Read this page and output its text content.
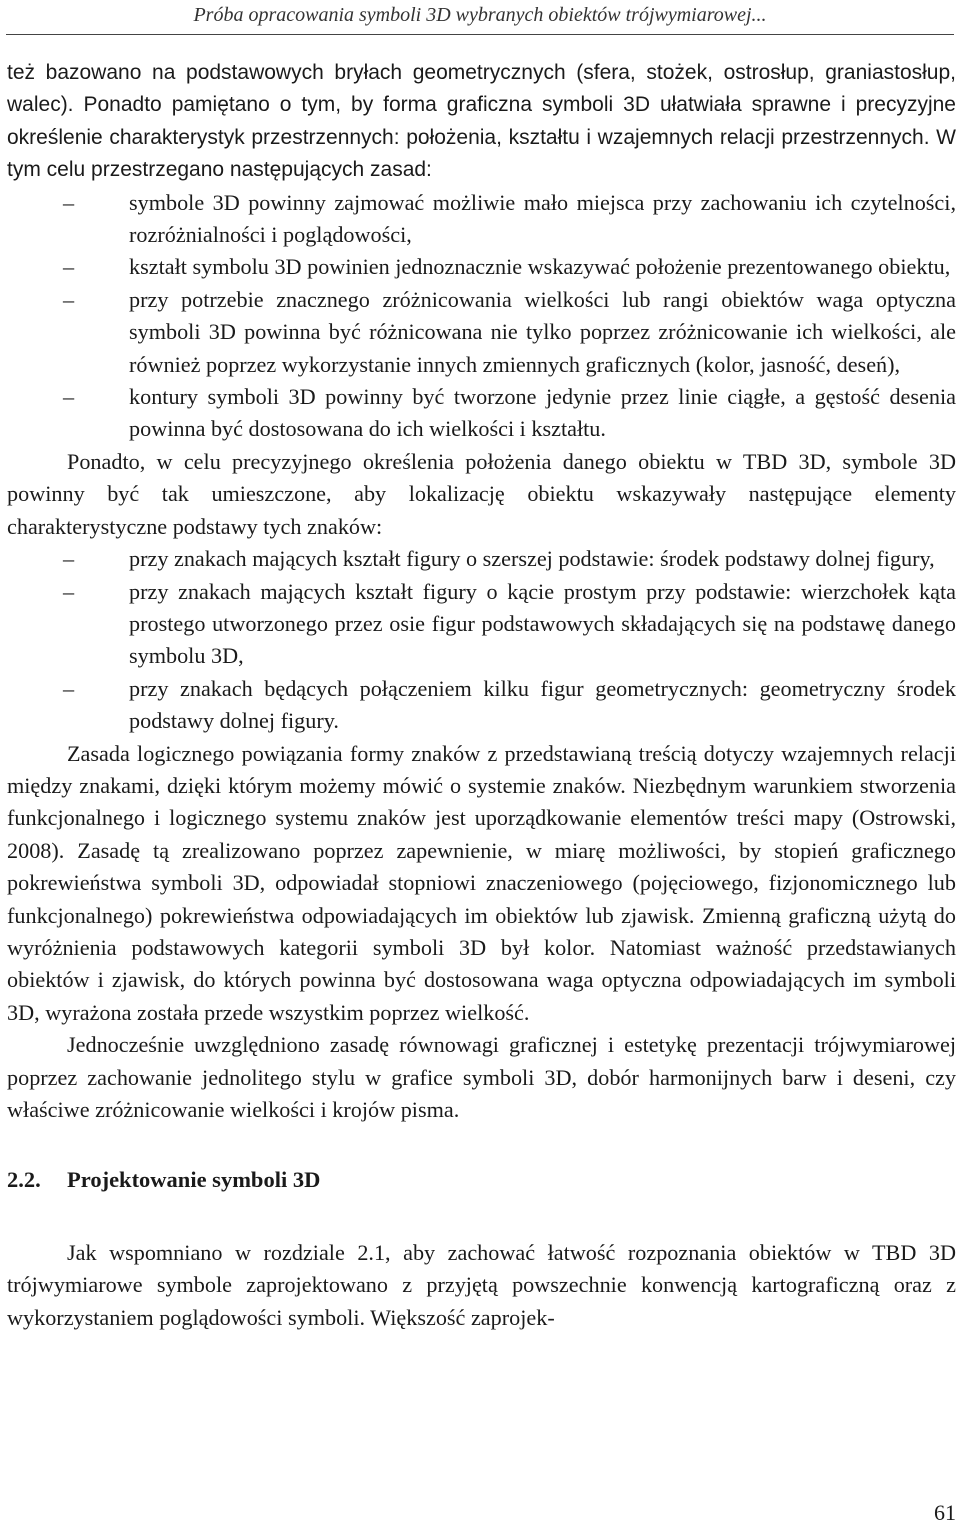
Próba opracowania symboli 3D wybranych obiektów trójwymiarowej...

też bazowano na podstawowych bryłach geometrycznych (sfera, stożek, ostrosłup, graniastosłup, walec). Ponadto pamiętano o tym, by forma graficzna symboli 3D ułatwiała sprawne i precyzyjne określenie charakterystyk przestrzennych: położenia, kształtu i wzajemnych relacji przestrzennych. W tym celu przestrzegano następujących zasad:

– symbole 3D powinny zajmować możliwie mało miejsca przy zachowaniu ich czytelności, rozróżnialności i poglądowości,
– kształt symbolu 3D powinien jednoznacznie wskazywać położenie prezentowanego obiektu,
– przy potrzebie znacznego zróżnicowania wielkości lub rangi obiektów waga optyczna symboli 3D powinna być różnicowana nie tylko poprzez zróżnicowanie ich wielkości, ale również poprzez wykorzystanie innych zmiennych graficznych (kolor, jasność, deseń),
– kontury symboli 3D powinny być tworzone jedynie przez linie ciągłe, a gęstość desenia powinna być dostosowana do ich wielkości i kształtu.

Ponadto, w celu precyzyjnego określenia położenia danego obiektu w TBD 3D, symbole 3D powinny być tak umieszczone, aby lokalizację obiektu wskazywały następujące elementy charakterystyczne podstawy tych znaków:

– przy znakach mających kształt figury o szerszej podstawie: środek podstawy dolnej figury,
– przy znakach mających kształt figury o kącie prostym przy podstawie: wierzchołek kąta prostego utworzonego przez osie figur podstawowych składających się na podstawę danego symbolu 3D,
– przy znakach będących połączeniem kilku figur geometrycznych: geometryczny środek podstawy dolnej figury.

Zasada logicznego powiązania formy znaków z przedstawianą treścią dotyczy wzajemnych relacji między znakami, dzięki którym możemy mówić o systemie znaków. Niezbędnym warunkiem stworzenia funkcjonalnego i logicznego systemu znaków jest uporządkowanie elementów treści mapy (Ostrowski, 2008). Zasadę tą zrealizowano poprzez zapewnienie, w miarę możliwości, by stopień graficznego pokrewieństwa symboli 3D, odpowiadał stopniowi znaczeniowego (pojęciowego, fizjonomicznego lub funkcjonalnego) pokrewieństwa odpowiadających im obiektów lub zjawisk. Zmienną graficzną użytą do wyróżnienia podstawowych kategorii symboli 3D był kolor. Natomiast ważność przedstawianych obiektów i zjawisk, do których powinna być dostosowana waga optyczna odpowiadających im symboli 3D, wyrażona została przede wszystkim poprzez wielkość.

Jednocześnie uwzględniono zasadę równowagi graficznej i estetykę prezentacji trójwymiarowej poprzez zachowanie jednolitego stylu w grafice symboli 3D, dobór harmonijnych barw i deseni, czy właściwe zróżnicowanie wielkości i krojów pisma.

2.2. Projektowanie symboli 3D

Jak wspomniano w rozdziale 2.1, aby zachować łatwość rozpoznania obiektów w TBD 3D trójwymiarowe symbole zaprojektowano z przyjętą powszechnie konwencją kartograficzną oraz z wykorzystaniem poglądowości symboli. Większość zaprojek-

61
